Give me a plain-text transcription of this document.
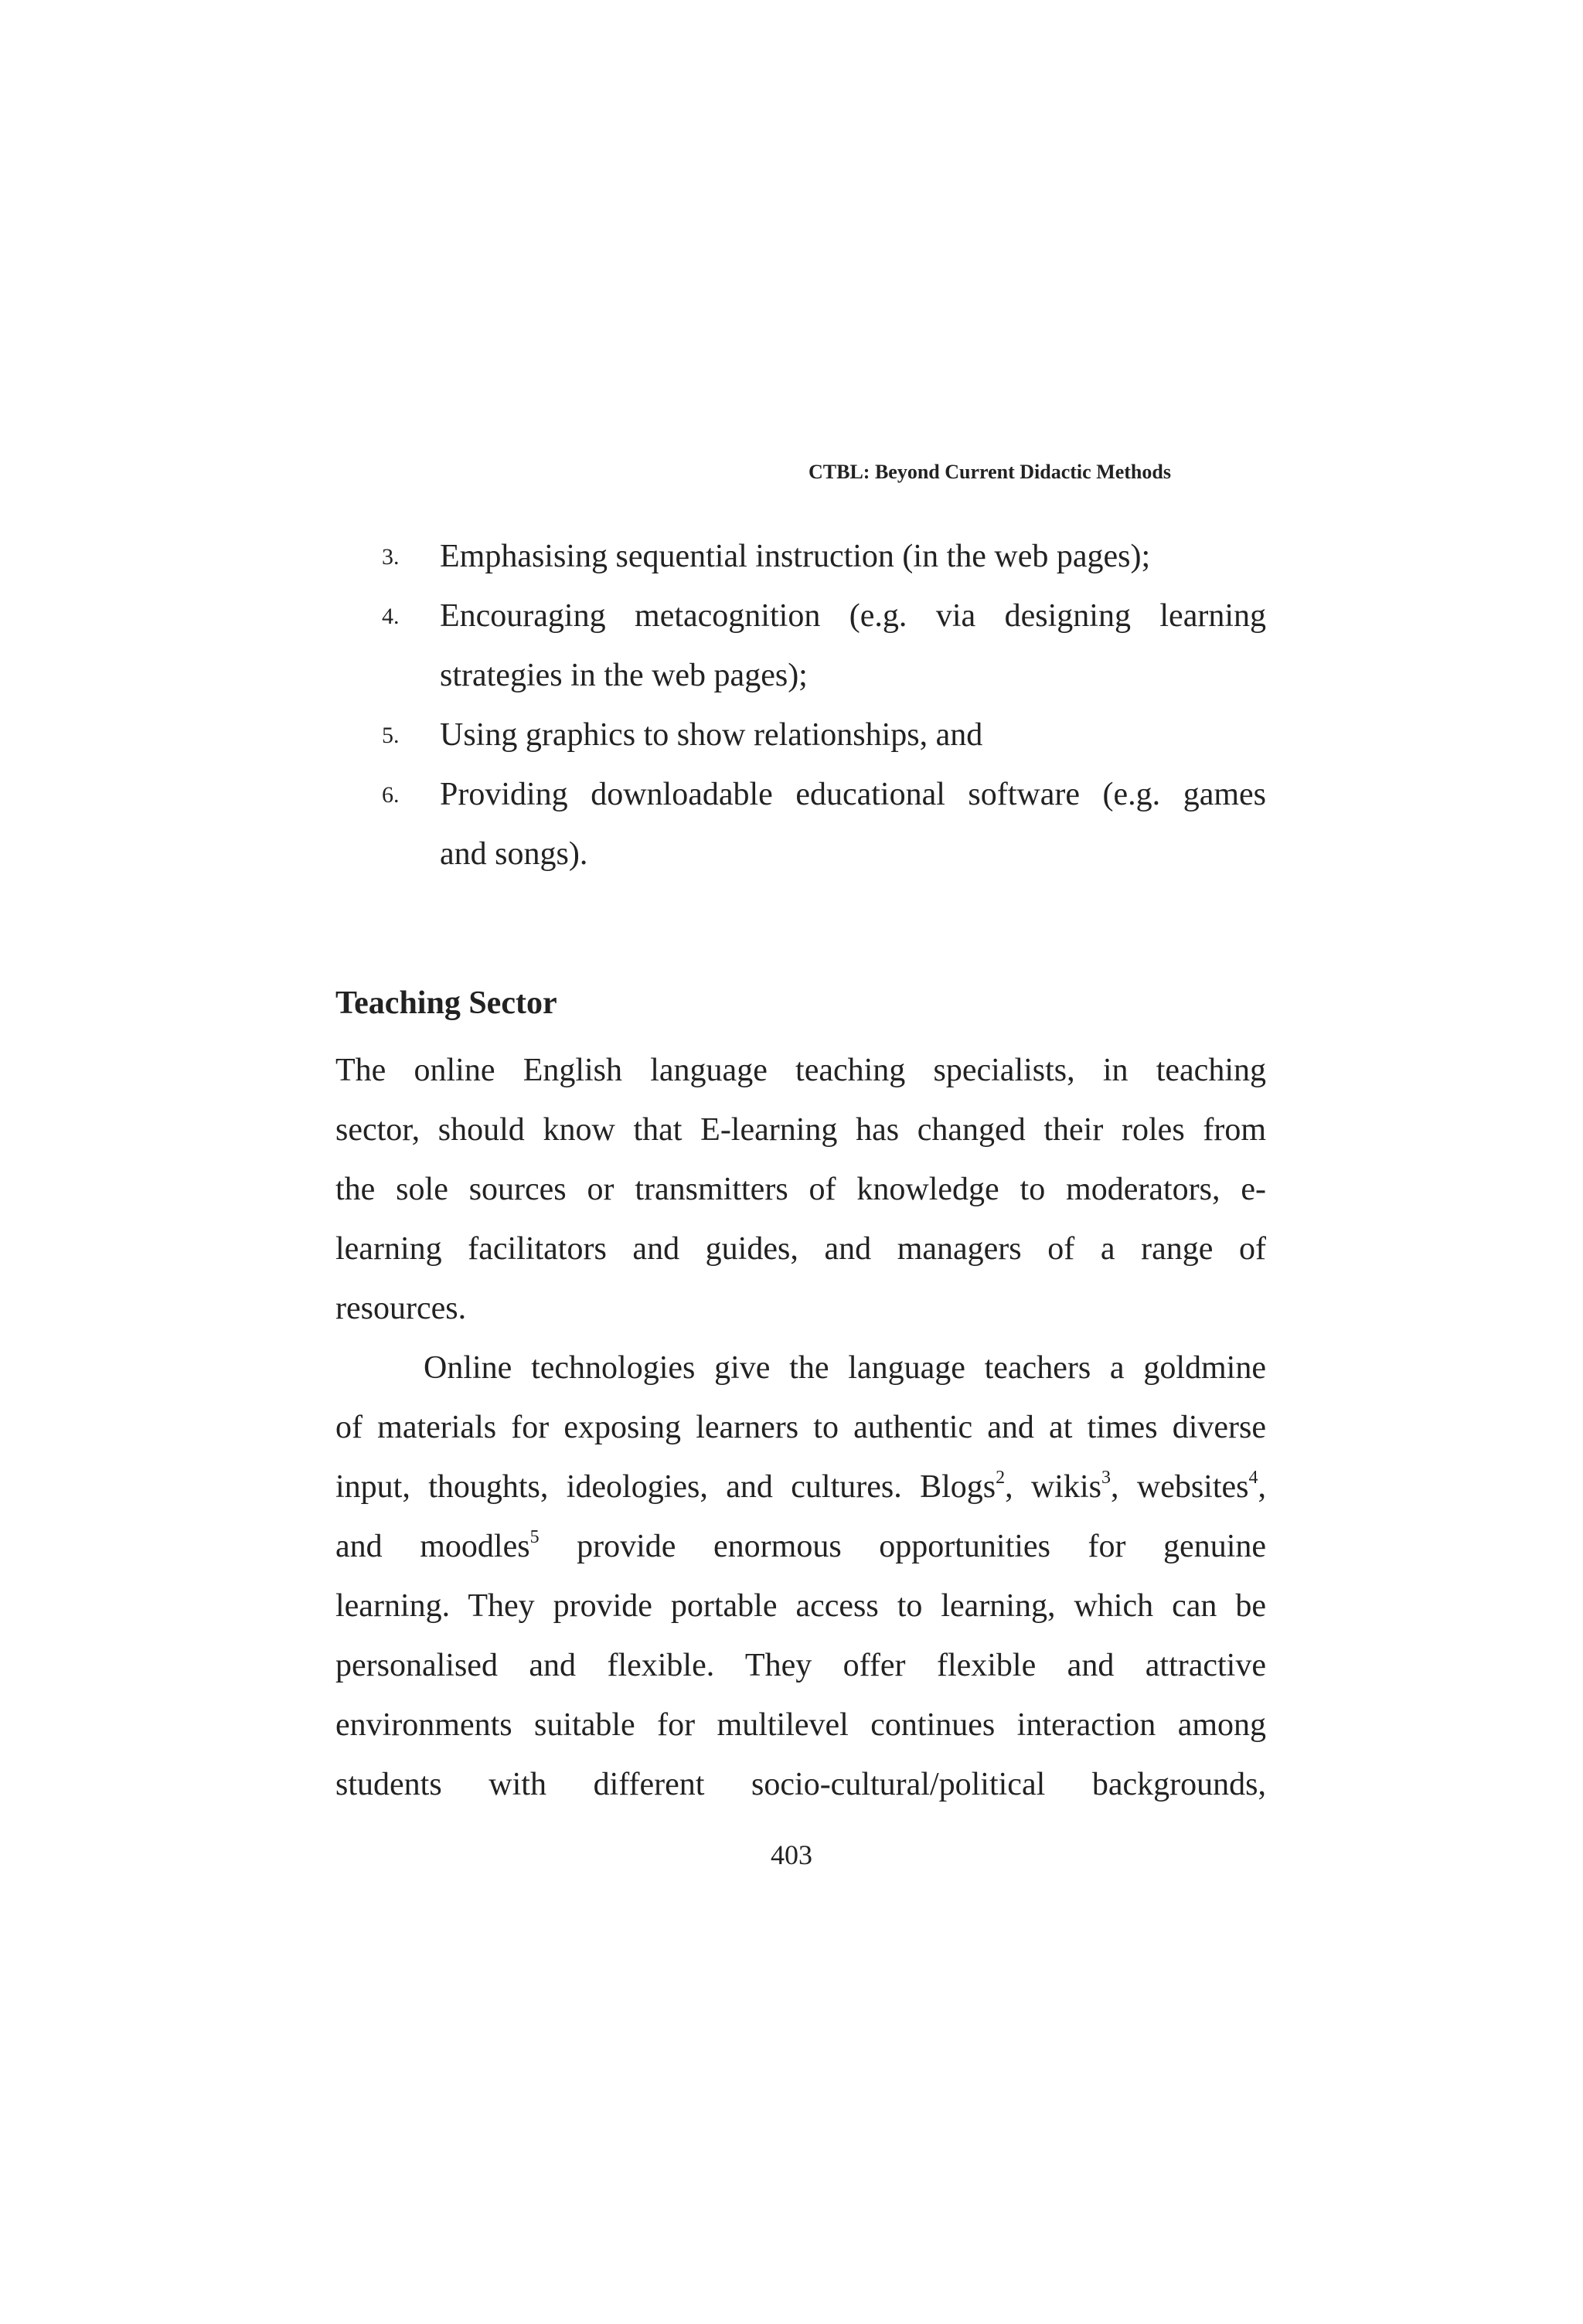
CTBL: Beyond Current Didactic Methods
3. Emphasising sequential instruction (in the web pages);
4. Encouraging metacognition (e.g. via designing learning
strategies in the web pages);
5. Using graphics to show relationships, and
6. Providing downloadable educational software (e.g. games
and songs).
Teaching Sector
The online English language teaching specialists, in teaching
sector, should know that E-learning has changed their roles from
the sole sources or transmitters of knowledge to moderators, e-
learning facilitators and guides, and managers of a range of
resources.
Online technologies give the language teachers a goldmine
of materials for exposing learners to authentic and at times diverse
input, thoughts, ideologies, and cultures. Blogs$^2$, wikis$^3$, websites$^4$,
and moodles$^5$ provide enormous opportunities for genuine
learning. They provide portable access to learning, which can be
personalised and flexible. They offer flexible and attractive
environments suitable for multilevel continues interaction among
students with different socio-cultural/political backgrounds,
403
